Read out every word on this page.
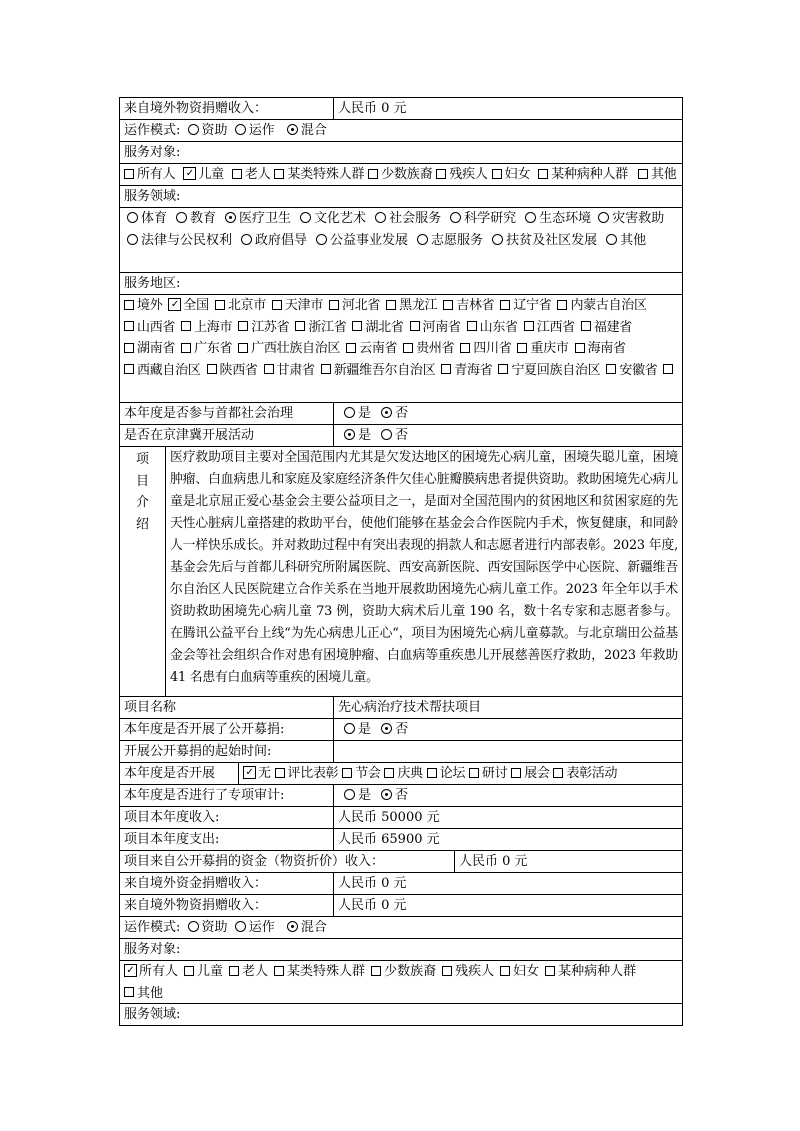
来自境外物资捐赠收入：	人民币 0 元
运作模式: 资助 运作 混合
服务对象:
所有人 ✓ 儿童 老人 某类特殊人群 少数族裔 残疾人 妇女 某种病种人群 其他
服务领域:
体育 教育 医疗卫生 文化艺术 社会服务 科学研究 生态环境 灾害救助法律与公民权利 政府倡导 公益事业发展 志愿服务 扶贫及社区发展 其他
服务地区:
境外 ✓ 全国 北京市 天津市 河北省 黑龙江 吉林省 辽宁省 内蒙古自治区山西省 上海市 江苏省 浙江省 湖北省 河南省 山东省 江西省 福建省湖南省 广东省 广西壮族自治区 云南省 贵州省 四川省 重庆市 海南省西藏自治区 陕西省 甘肃省 新疆维吾尔自治区 青海省 宁夏回族自治区 安徽省
本年度是否参与首都社会治理	是 否
是否在京津冀开展活动	是 否
项
目
介
绍
医疗救助项目主要对全国范围内尤其是欠发达地区的困境先心病儿童，困境失聪儿童，困境肿瘤、白血病患儿和家庭及家庭经济条件欠佳心脏瓣膜病患者提供资助。救助困境先心病儿童是北京屈正爱心基金会主要公益项目之一，是面对全国范围内的贫困地区和贫困家庭的先天性心脏病儿童搭建的救助平台，使他们能够在基金会合作医院内手术，恢复健康，和同龄人一样快乐成长。并对救助过程中有突出表现的捐款人和志愿者进行内部表彰。2023 年度,基金会先后与首都儿科研究所附属医院、西安高新医院、西安国际医学中心医院、新疆维吾尔自治区人民医院建立合作关系在当地开展救助困境先心病儿童工作。2023 年全年以手术资助救助困境先心病儿童 73 例，资助大病术后儿童 190 名，数十名专家和志愿者参与。在腾讯公益平台上线“为先心病患儿正心“，项目为困境先心病儿童募款。与北京瑞田公益基金会等社会组织合作对患有困境肿瘤、白血病等重疾患儿开展慈善医疗救助，2023 年救助 41 名患有白血病等重疾的困境儿童。
项目名称	先心病治疗技术帮扶项目
本年度是否开展了公开募捐:	是 否
开展公开募捐的起始时间:
本年度是否开展	✓ 无 评比表彰 节会 庆典 论坛 研讨 展会 表彰活动
本年度是否进行了专项审计:	是 否
项目本年度收入:	人民币 50000 元
项目本年度支出:	人民币 65900 元
项目来自公开募捐的资金（物资折价）收入：	人民币 0 元
来自境外资金捐赠收入：	人民币 0 元
来自境外物资捐赠收入：	人民币 0 元
运作模式: 资助 运作 混合
服务对象:
✓ 所有人 儿童 老人 某类特殊人群 少数族裔 残疾人 妇女 某种病种人群其他
服务领域:
